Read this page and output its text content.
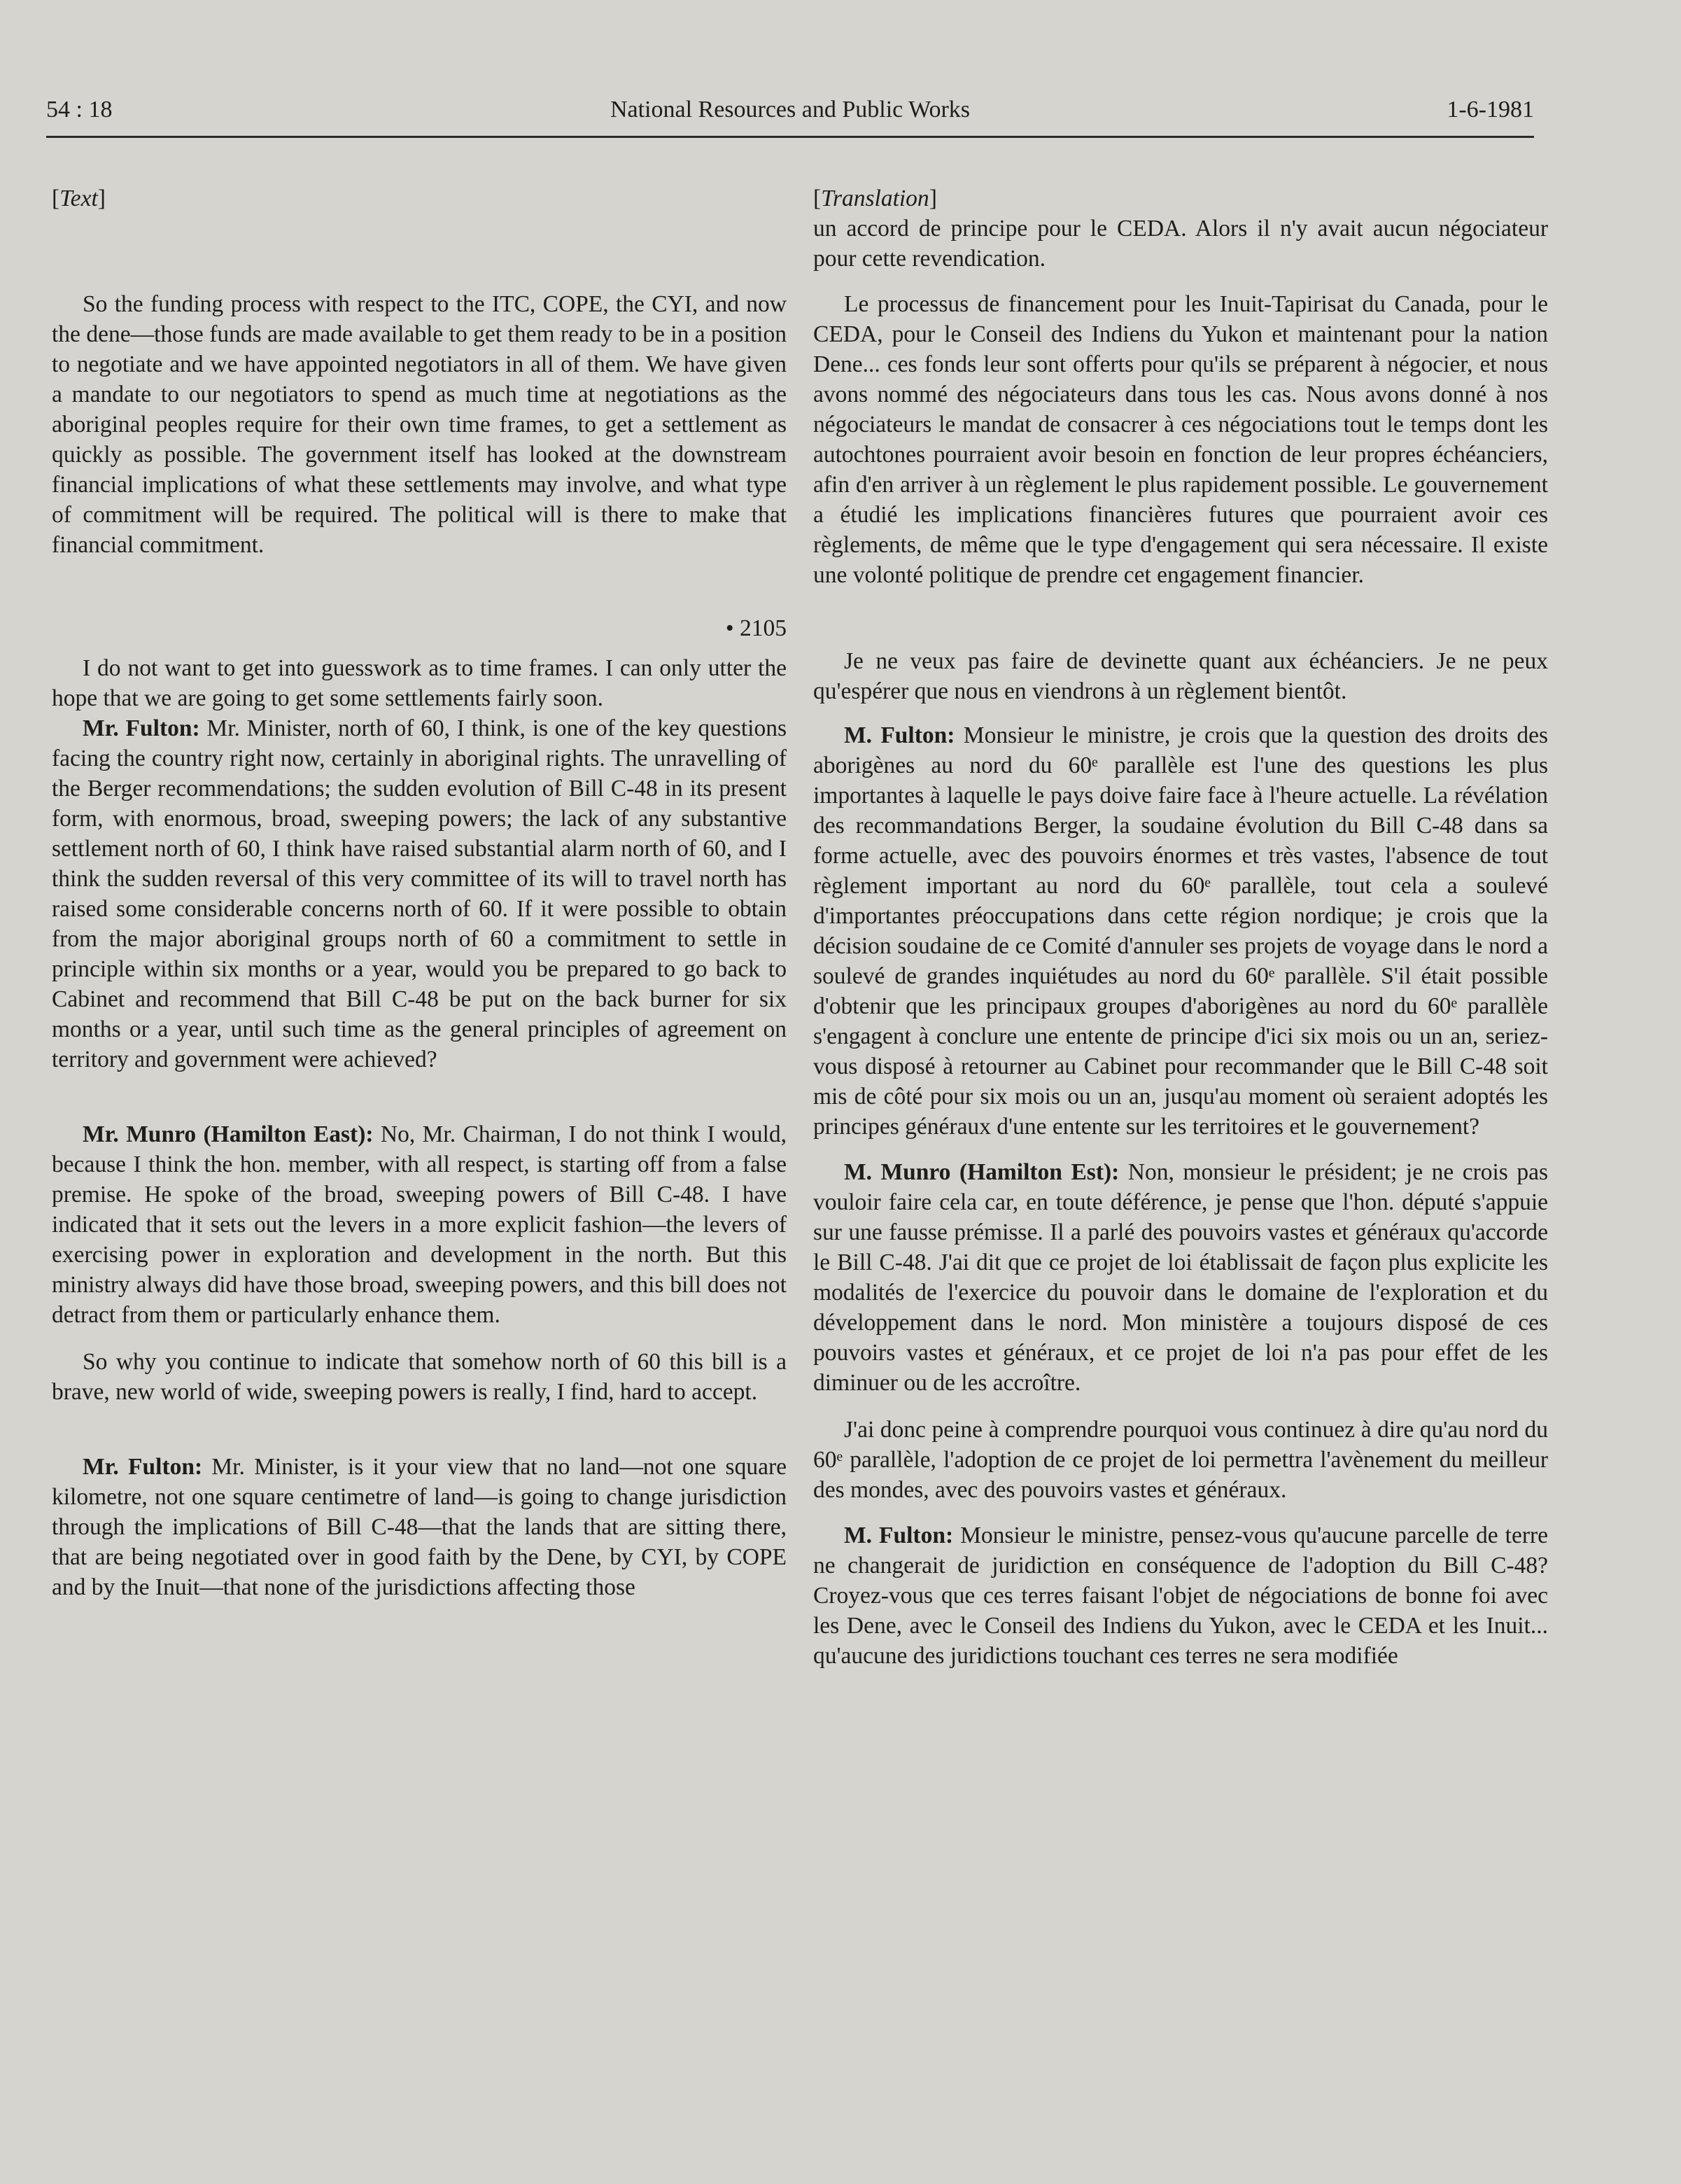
54 : 18	National Resources and Public Works	1-6-1981
[Text]

So the funding process with respect to the ITC, COPE, the CYI, and now the dene—those funds are made available to get them ready to be in a position to negotiate and we have appointed negotiators in all of them. We have given a mandate to our negotiators to spend as much time at negotiations as the aboriginal peoples require for their own time frames, to get a settlement as quickly as possible. The government itself has looked at the downstream financial implications of what these settlements may involve, and what type of commitment will be required. The political will is there to make that financial commitment.

• 2105

I do not want to get into guesswork as to time frames. I can only utter the hope that we are going to get some settlements fairly soon.

Mr. Fulton: Mr. Minister, north of 60, I think, is one of the key questions facing the country right now, certainly in aboriginal rights. The unravelling of the Berger recommendations; the sudden evolution of Bill C-48 in its present form, with enormous, broad, sweeping powers; the lack of any substantive settlement north of 60, I think have raised substantial alarm north of 60, and I think the sudden reversal of this very committee of its will to travel north has raised some considerable concerns north of 60. If it were possible to obtain from the major aboriginal groups north of 60 a commitment to settle in principle within six months or a year, would you be prepared to go back to Cabinet and recommend that Bill C-48 be put on the back burner for six months or a year, until such time as the general principles of agreement on territory and government were achieved?

Mr. Munro (Hamilton East): No, Mr. Chairman, I do not think I would, because I think the hon. member, with all respect, is starting off from a false premise. He spoke of the broad, sweeping powers of Bill C-48. I have indicated that it sets out the levers in a more explicit fashion—the levers of exercising power in exploration and development in the north. But this ministry always did have those broad, sweeping powers, and this bill does not detract from them or particularly enhance them.

So why you continue to indicate that somehow north of 60 this bill is a brave, new world of wide, sweeping powers is really, I find, hard to accept.

Mr. Fulton: Mr. Minister, is it your view that no land—not one square kilometre, not one square centimetre of land—is going to change jurisdiction through the implications of Bill C-48—that the lands that are sitting there, that are being negotiated over in good faith by the Dene, by CYI, by COPE and by the Inuit—that none of the jurisdictions affecting those

[Translation]

un accord de principe pour le CEDA. Alors il n'y avait aucun négociateur pour cette revendication.

Le processus de financement pour les Inuit-Tapirisat du Canada, pour le CEDA, pour le Conseil des Indiens du Yukon et maintenant pour la nation Dene... ces fonds leur sont offerts pour qu'ils se préparent à négocier, et nous avons nommé des négociateurs dans tous les cas. Nous avons donné à nos négociateurs le mandat de consacrer à ces négociations tout le temps dont les autochtones pourraient avoir besoin en fonction de leur propres échéanciers, afin d'en arriver à un règlement le plus rapidement possible. Le gouvernement a étudié les implications financières futures que pourraient avoir ces règlements, de même que le type d'engagement qui sera nécessaire. Il existe une volonté politique de prendre cet engagement financier.

Je ne veux pas faire de devinette quant aux échéanciers. Je ne peux qu'espérer que nous en viendrons à un règlement bientôt.

M. Fulton: Monsieur le ministre, je crois que la question des droits des aborigènes au nord du 60ᵉ parallèle est l'une des questions les plus importantes à laquelle le pays doive faire face à l'heure actuelle. La révélation des recommandations Berger, la soudaine évolution du Bill C-48 dans sa forme actuelle, avec des pouvoirs énormes et très vastes, l'absence de tout règlement important au nord du 60ᵉ parallèle, tout cela a soulevé d'importantes préoccupations dans cette région nordique; je crois que la décision soudaine de ce Comité d'annuler ses projets de voyage dans le nord a soulevé de grandes inquiétudes au nord du 60ᵉ parallèle. S'il était possible d'obtenir que les principaux groupes d'aborigènes au nord du 60ᵉ parallèle s'engagent à conclure une entente de principe d'ici six mois ou un an, seriez-vous disposé à retourner au Cabinet pour recommander que le Bill C-48 soit mis de côté pour six mois ou un an, jusqu'au moment où seraient adoptés les principes généraux d'une entente sur les territoires et le gouvernement?

M. Munro (Hamilton Est): Non, monsieur le président; je ne crois pas vouloir faire cela car, en toute déférence, je pense que l'hon. député s'appuie sur une fausse prémisse. Il a parlé des pouvoirs vastes et généraux qu'accorde le Bill C-48. J'ai dit que ce projet de loi établissait de façon plus explicite les modalités de l'exercice du pouvoir dans le domaine de l'exploration et du développement dans le nord. Mon ministère a toujours disposé de ces pouvoirs vastes et généraux, et ce projet de loi n'a pas pour effet de les diminuer ou de les accroître.

J'ai donc peine à comprendre pourquoi vous continuez à dire qu'au nord du 60ᵉ parallèle, l'adoption de ce projet de loi permettra l'avènement du meilleur des mondes, avec des pouvoirs vastes et généraux.

M. Fulton: Monsieur le ministre, pensez-vous qu'aucune parcelle de terre ne changerait de juridiction en conséquence de l'adoption du Bill C-48? Croyez-vous que ces terres faisant l'objet de négociations de bonne foi avec les Dene, avec le Conseil des Indiens du Yukon, avec le CEDA et les Inuit... qu'aucune des juridictions touchant ces terres ne sera modifiée
